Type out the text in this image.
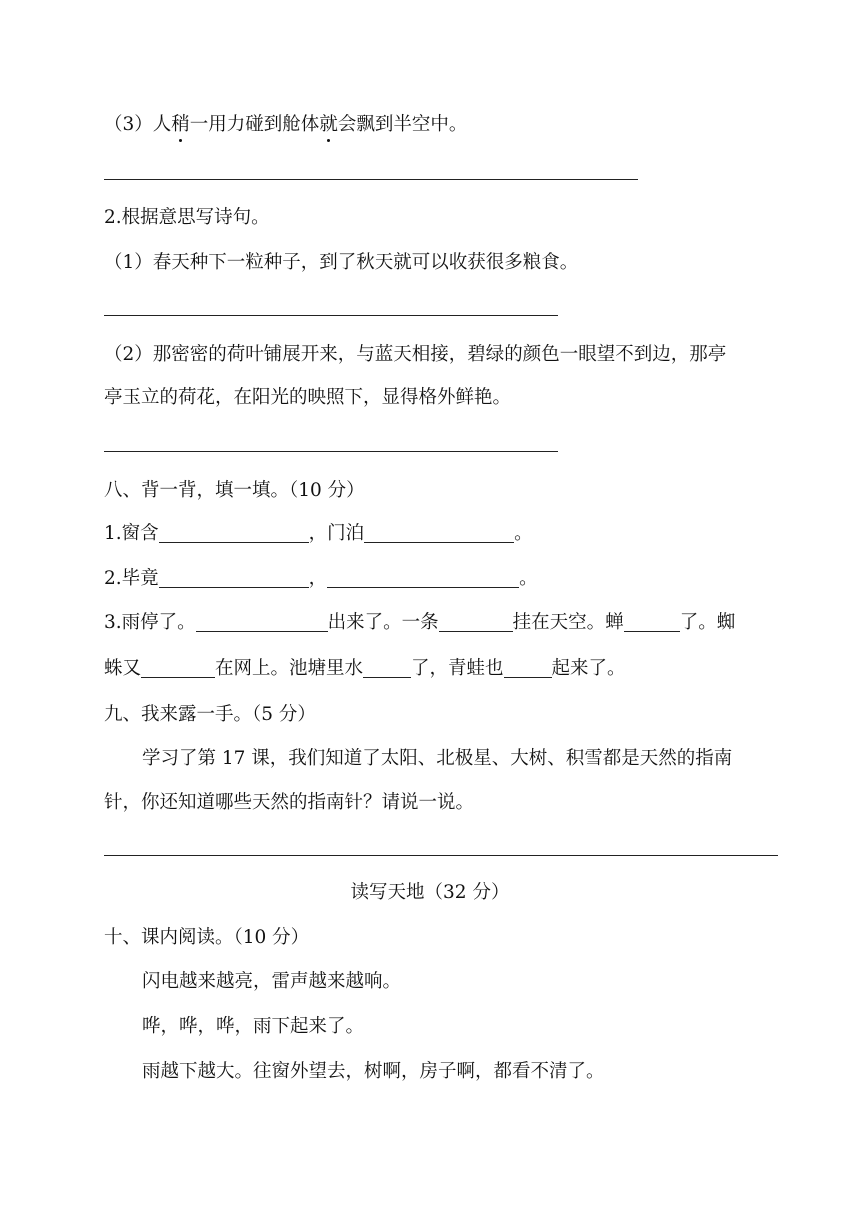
（3）人稍一用力碰到舱体就会飘到半空中。
2.根据意思写诗句。
（1）春天种下一粒种子，到了秋天就可以收获很多粮食。
（2）那密密的荷叶铺展开来，与蓝天相接，碧绿的颜色一眼望不到边，那亭
亭玉立的荷花，在阳光的映照下，显得格外鲜艳。
八、背一背，填一填。（10 分）
1.窗含	，门泊	。
2.毕竟	，	。
3.雨停了。	出来了。一条	挂在天空。蝉	了。蜘
蛛又	在网上。池塘里水	了，青蛙也	起来了。
九、我来露一手。（5 分）
学习了第 17 课，我们知道了太阳、北极星、大树、积雪都是天然的指南
针，你还知道哪些天然的指南针？请说一说。
读写天地（32 分）
十、课内阅读。（10 分）
闪电越来越亮，雷声越来越响。
哗，哗，哗，雨下起来了。
雨越下越大。往窗外望去，树啊，房子啊，都看不清了。
